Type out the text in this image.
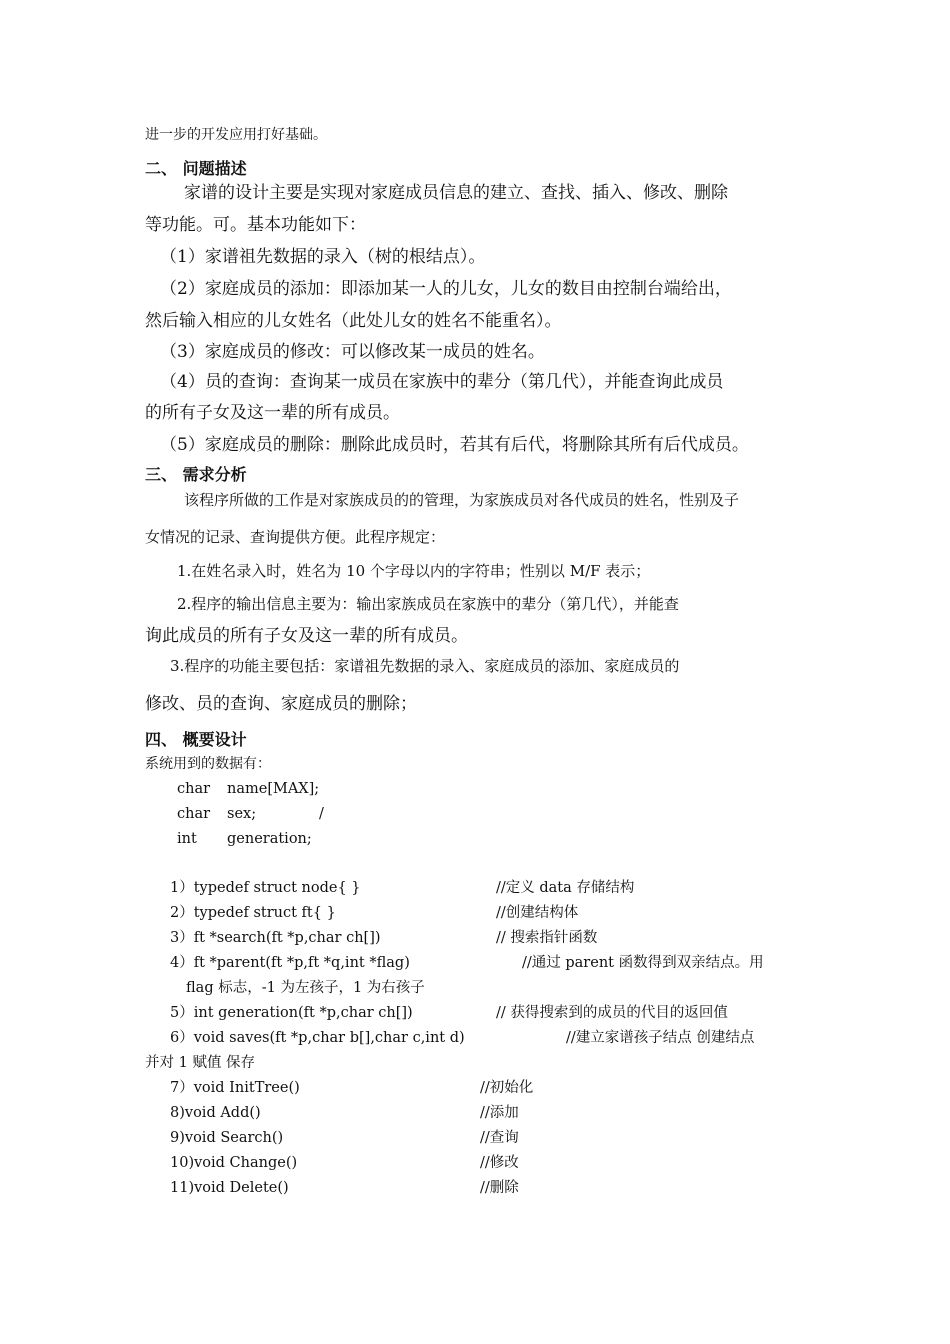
进一步的开发应用打好基础。
二、 问题描述
家谱的设计主要是实现对家庭成员信息的建立、查找、插入、修改、删除
等功能。可。基本功能如下：
（1）家谱祖先数据的录入（树的根结点）。
（2）家庭成员的添加：即添加某一人的儿女，儿女的数目由控制台端给出，
然后输入相应的儿女姓名（此处儿女的姓名不能重名）。
（3）家庭成员的修改：可以修改某一成员的姓名。
（4）员的查询：查询某一成员在家族中的辈分（第几代），并能查询此成员
的所有子女及这一辈的所有成员。
（5）家庭成员的删除：删除此成员时，若其有后代，将删除其所有后代成员。
三、 需求分析
该程序所做的工作是对家族成员的的管理，为家族成员对各代成员的姓名，性别及子
女情况的记录、查询提供方便。此程序规定：
1.在姓名录入时，姓名为 10 个字母以内的字符串；性别以 M/F 表示；
2.程序的输出信息主要为：输出家族成员在家族中的辈分（第几代），并能查
询此成员的所有子女及这一辈的所有成员。
3.程序的功能主要包括：家谱祖先数据的录入、家庭成员的添加、家庭成员的
修改、员的查询、家庭成员的删除；
四、 概要设计
系统用到的数据有：
char name[MAX];
char sex;	/
int generation;
1）typedef struct node{ }	//定义 data 存储结构
2）typedef struct ft{ }	//创建结构体
3）ft *search(ft *p,char ch[])	// 搜索指针函数
4）ft *parent(ft *p,ft *q,int *flag)	//通过 parent 函数得到双亲结点。用
flag 标志，-1 为左孩子，1 为右孩子
5）int generation(ft *p,char ch[])	// 获得搜索到的成员的代目的返回值
6）void saves(ft *p,char b[],char c,int d)	//建立家谱孩子结点 创建结点
并对 1 赋值 保存
7）void InitTree()	//初始化
8)void Add()	//添加
9)void Search()	//查询
10)void Change()	//修改
11)void Delete()	//删除
